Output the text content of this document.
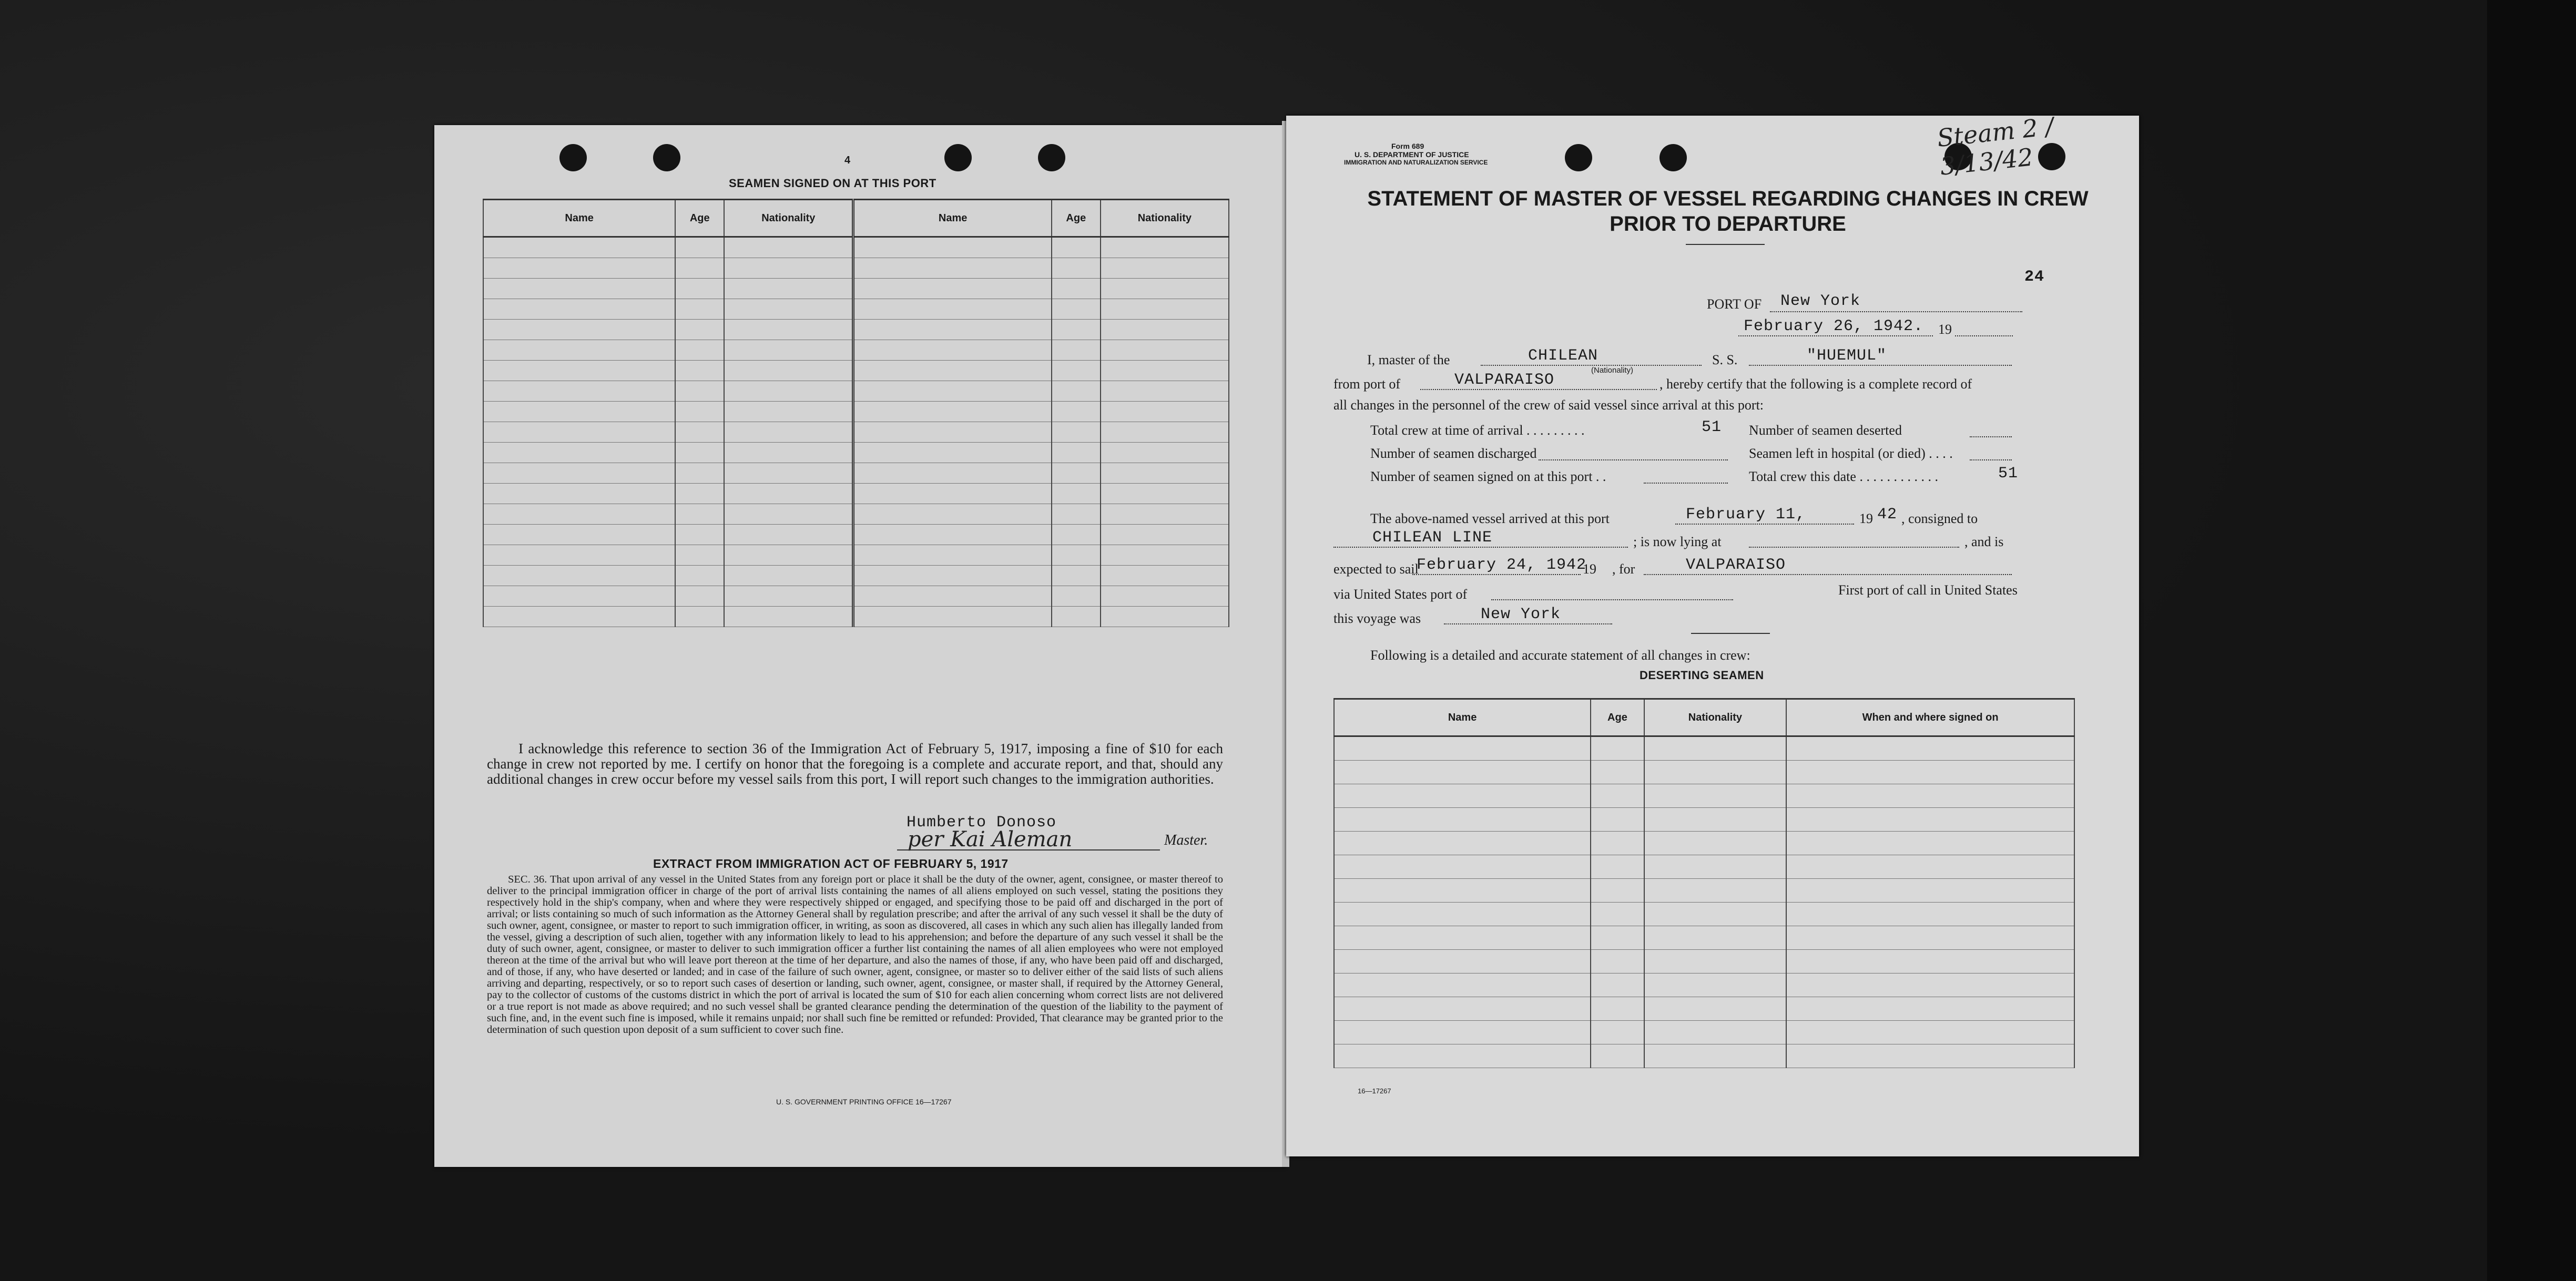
4
SEAMEN SIGNED ON AT THIS PORT
Name	Age	Nationality	Name	Age	Nationality

I acknowledge this reference to section 36 of the Immigration Act of February 5, 1917, imposing a fine of $10 for each change in crew not reported by me. I certify on honor that the foregoing is a complete and accurate report, and that, should any additional changes in crew occur before my vessel sails from this port, I will report such changes to the immigration authorities.
Humberto Donoso
per Kai Aleman	Master.
EXTRACT FROM IMMIGRATION ACT OF FEBRUARY 5, 1917
SEC. 36. That upon arrival of any vessel in the United States from any foreign port or place it shall be the duty of the owner, agent, consignee, or master thereof to deliver to the principal immigration officer in charge of the port of arrival lists containing the names of all aliens employed on such vessel, stating the positions they respectively hold in the ship's company, when and where they were respectively shipped or engaged, and specifying those to be paid off and discharged in the port of arrival; or lists containing so much of such information as the Attorney General shall by regulation prescribe; and after the arrival of any such vessel it shall be the duty of such owner, agent, consignee, or master to report to such immigration officer, in writing, as soon as discovered, all cases in which any such alien has illegally landed from the vessel, giving a description of such alien, together with any information likely to lead to his apprehension; and before the departure of any such vessel it shall be the duty of such owner, agent, consignee, or master to deliver to such immigration officer a further list containing the names of all alien employees who were not employed thereon at the time of the arrival but who will leave port thereon at the time of her departure, and also the names of those, if any, who have been paid off and discharged, and of those, if any, who have deserted or landed; and in case of the failure of such owner, agent, consignee, or master so to deliver either of the said lists of such aliens arriving and departing, respectively, or so to report such cases of desertion or landing, such owner, agent, consignee, or master shall, if required by the Attorney General, pay to the collector of customs of the customs district in which the port of arrival is located the sum of $10 for each alien concerning whom correct lists are not delivered or a true report is not made as above required; and no such vessel shall be granted clearance pending the determination of the question of the liability to the payment of such fine, and, in the event such fine is imposed, while it remains unpaid; nor shall such fine be remitted or refunded: Provided, That clearance may be granted prior to the determination of such question upon deposit of a sum sufficient to cover such fine.
U. S. GOVERNMENT PRINTING OFFICE 16—17267
Form 689
U. S. DEPARTMENT OF JUSTICE
IMMIGRATION AND NATURALIZATION SERVICE
Steam 2 / 3/13/42
STATEMENT OF MASTER OF VESSEL REGARDING CHANGES IN CREW
PRIOR TO DEPARTURE
24
PORT OF New York
February 26, 1942. 19
I, master of the	CHILEAN
(Nationality)
S. S.	"HUEMUL"
from port of	VALPARAISO	, hereby certify that the following is a complete record of
all changes in the personnel of the crew of said vessel since arrival at this port:
Total crew at time of arrival . . . . . . . . .	51 Number of seamen deserted
Number of seamen discharged	Seamen left in hospital (or died) . . . .
Number of seamen signed on at this port . .	Total crew this date . . . . . . . . . . . .	51
The above-named vessel arrived at this port	February 11,	19 42 , consigned to
CHILEAN LINE	; is now lying at	, and is
expected to sail
February 24, 1942
19 , for	VALPARAISO
via United States port of	First port of call in United States
this voyage was	New York
Following is a detailed and accurate statement of all changes in crew:
DESERTING SEAMEN
Name	Age	Nationality	When and where signed on

16—17267
